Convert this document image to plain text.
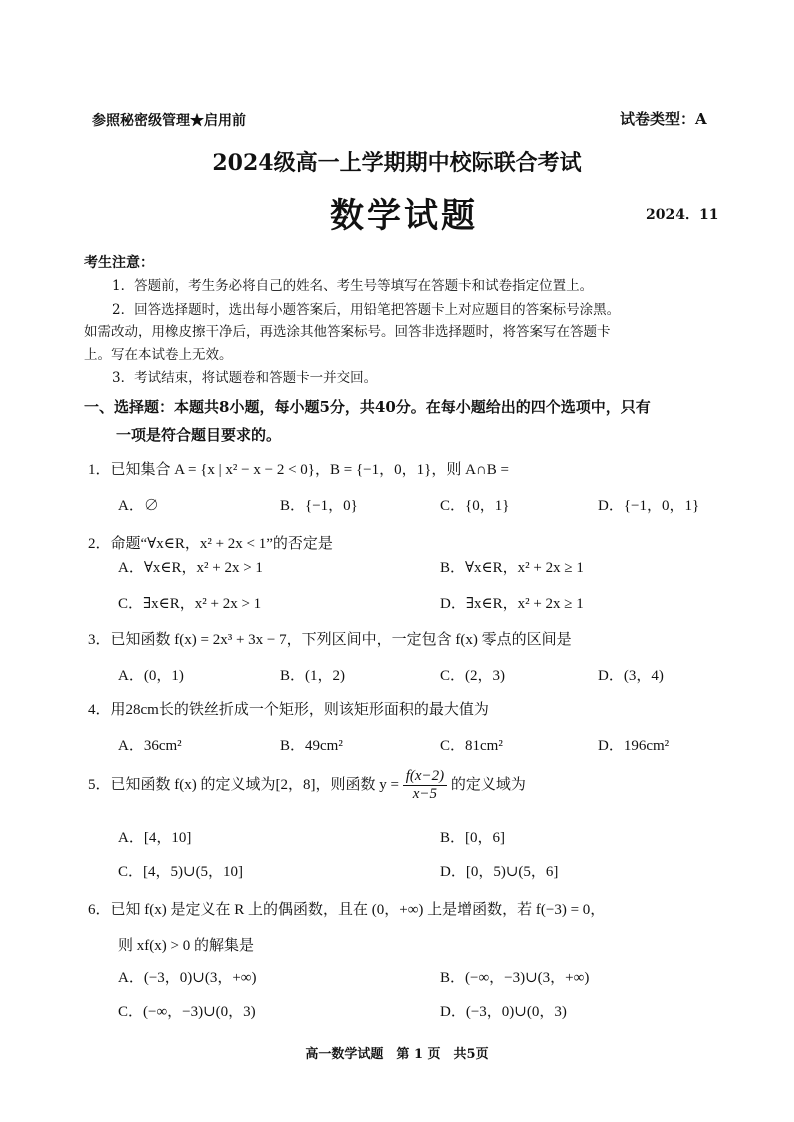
参照秘密级管理★启用前	试卷类型：A
2024级高一上学期期中校际联合考试
数学试题	2024．11
考生注意：
1．答题前，考生务必将自己的姓名、考生号等填写在答题卡和试卷指定位置上。
2．回答选择题时，选出每小题答案后，用铅笔把答题卡上对应题目的答案标号涂黑。
如需改动，用橡皮擦干净后，再选涂其他答案标号。回答非选择题时，将答案写在答题卡
上。写在本试卷上无效。
3．考试结束，将试题卷和答题卡一并交回。
一、选择题：本题共8小题，每小题5分，共40分。在每小题给出的四个选项中，只有
一项是符合题目要求的。
1．已知集合 A = {x | x² − x − 2 < 0}，B = {−1，0，1}，则 A∩B =
A．∅	B．{−1，0}	C．{0，1}	D．{−1，0，1}
2．命题“∀x∈R，x² + 2x < 1”的否定是
A．∀x∈R，x² + 2x > 1	B．∀x∈R，x² + 2x ≥ 1
C．∃x∈R，x² + 2x > 1	D．∃x∈R，x² + 2x ≥ 1
3．已知函数 f(x) = 2x³ + 3x − 7，下列区间中，一定包含 f(x) 零点的区间是
A．(0，1)	B．(1，2)	C．(2，3)	D．(3，4)
4．用28cm长的铁丝折成一个矩形，则该矩形面积的最大值为
A．36cm²	B．49cm²	C．81cm²	D．196cm²
5．已知函数 f(x) 的定义域为[2，8]，则函数 $y = \frac{f(x-2)}{x-5}$ 的定义域为
A．[4，10]	B．[0，6]
C．[4，5)∪(5，10]	D．[0，5)∪(5，6]
6．已知 f(x) 是定义在 R 上的偶函数，且在 (0，+∞) 上是增函数，若 f(−3) = 0，
则 xf(x) > 0 的解集是
A．(−3，0)∪(3，+∞)	B．(−∞，−3)∪(3，+∞)
C．(−∞，−3)∪(0，3)	D．(−3，0)∪(0，3)
高一数学试题　第 1 页　共5页
